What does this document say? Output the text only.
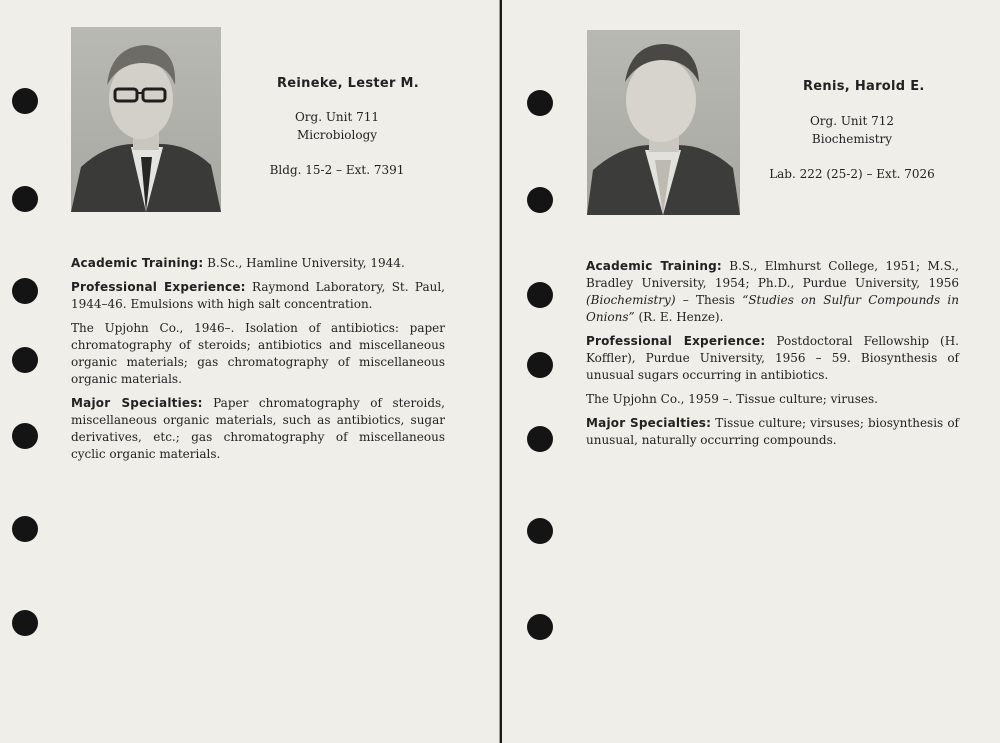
Reineke, Lester M.
Org. Unit 711
Microbiology
Bldg. 15-2 – Ext. 7391

Academic Training: B.Sc., Hamline University, 1944.

Professional Experience: Raymond Laboratory, St. Paul, 1944–46. Emulsions with high salt concentration.

The Upjohn Co., 1946–. Isolation of antibiotics: paper chromatography of steroids; antibiotics and miscellaneous organic materials; gas chromatography of miscellaneous organic materials.

Major Specialties: Paper chromatography of steroids, miscellaneous organic materials, such as antibiotics, sugar derivatives, etc.; gas chromatography of miscellaneous cyclic organic materials.

Renis, Harold E.
Org. Unit 712
Biochemistry
Lab. 222 (25-2) – Ext. 7026

Academic Training: B.S., Elmhurst College, 1951; M.S., Bradley University, 1954; Ph.D., Purdue University, 1956 (Biochemistry) – Thesis “Studies on Sulfur Compounds in Onions” (R. E. Henze).

Professional Experience: Postdoctoral Fellowship (H. Koffler), Purdue University, 1956 – 59. Biosynthesis of unusual sugars occurring in antibiotics.

The Upjohn Co., 1959 –. Tissue culture; viruses.

Major Specialties: Tissue culture; virsuses; biosynthesis of unusual, naturally occurring compounds.
